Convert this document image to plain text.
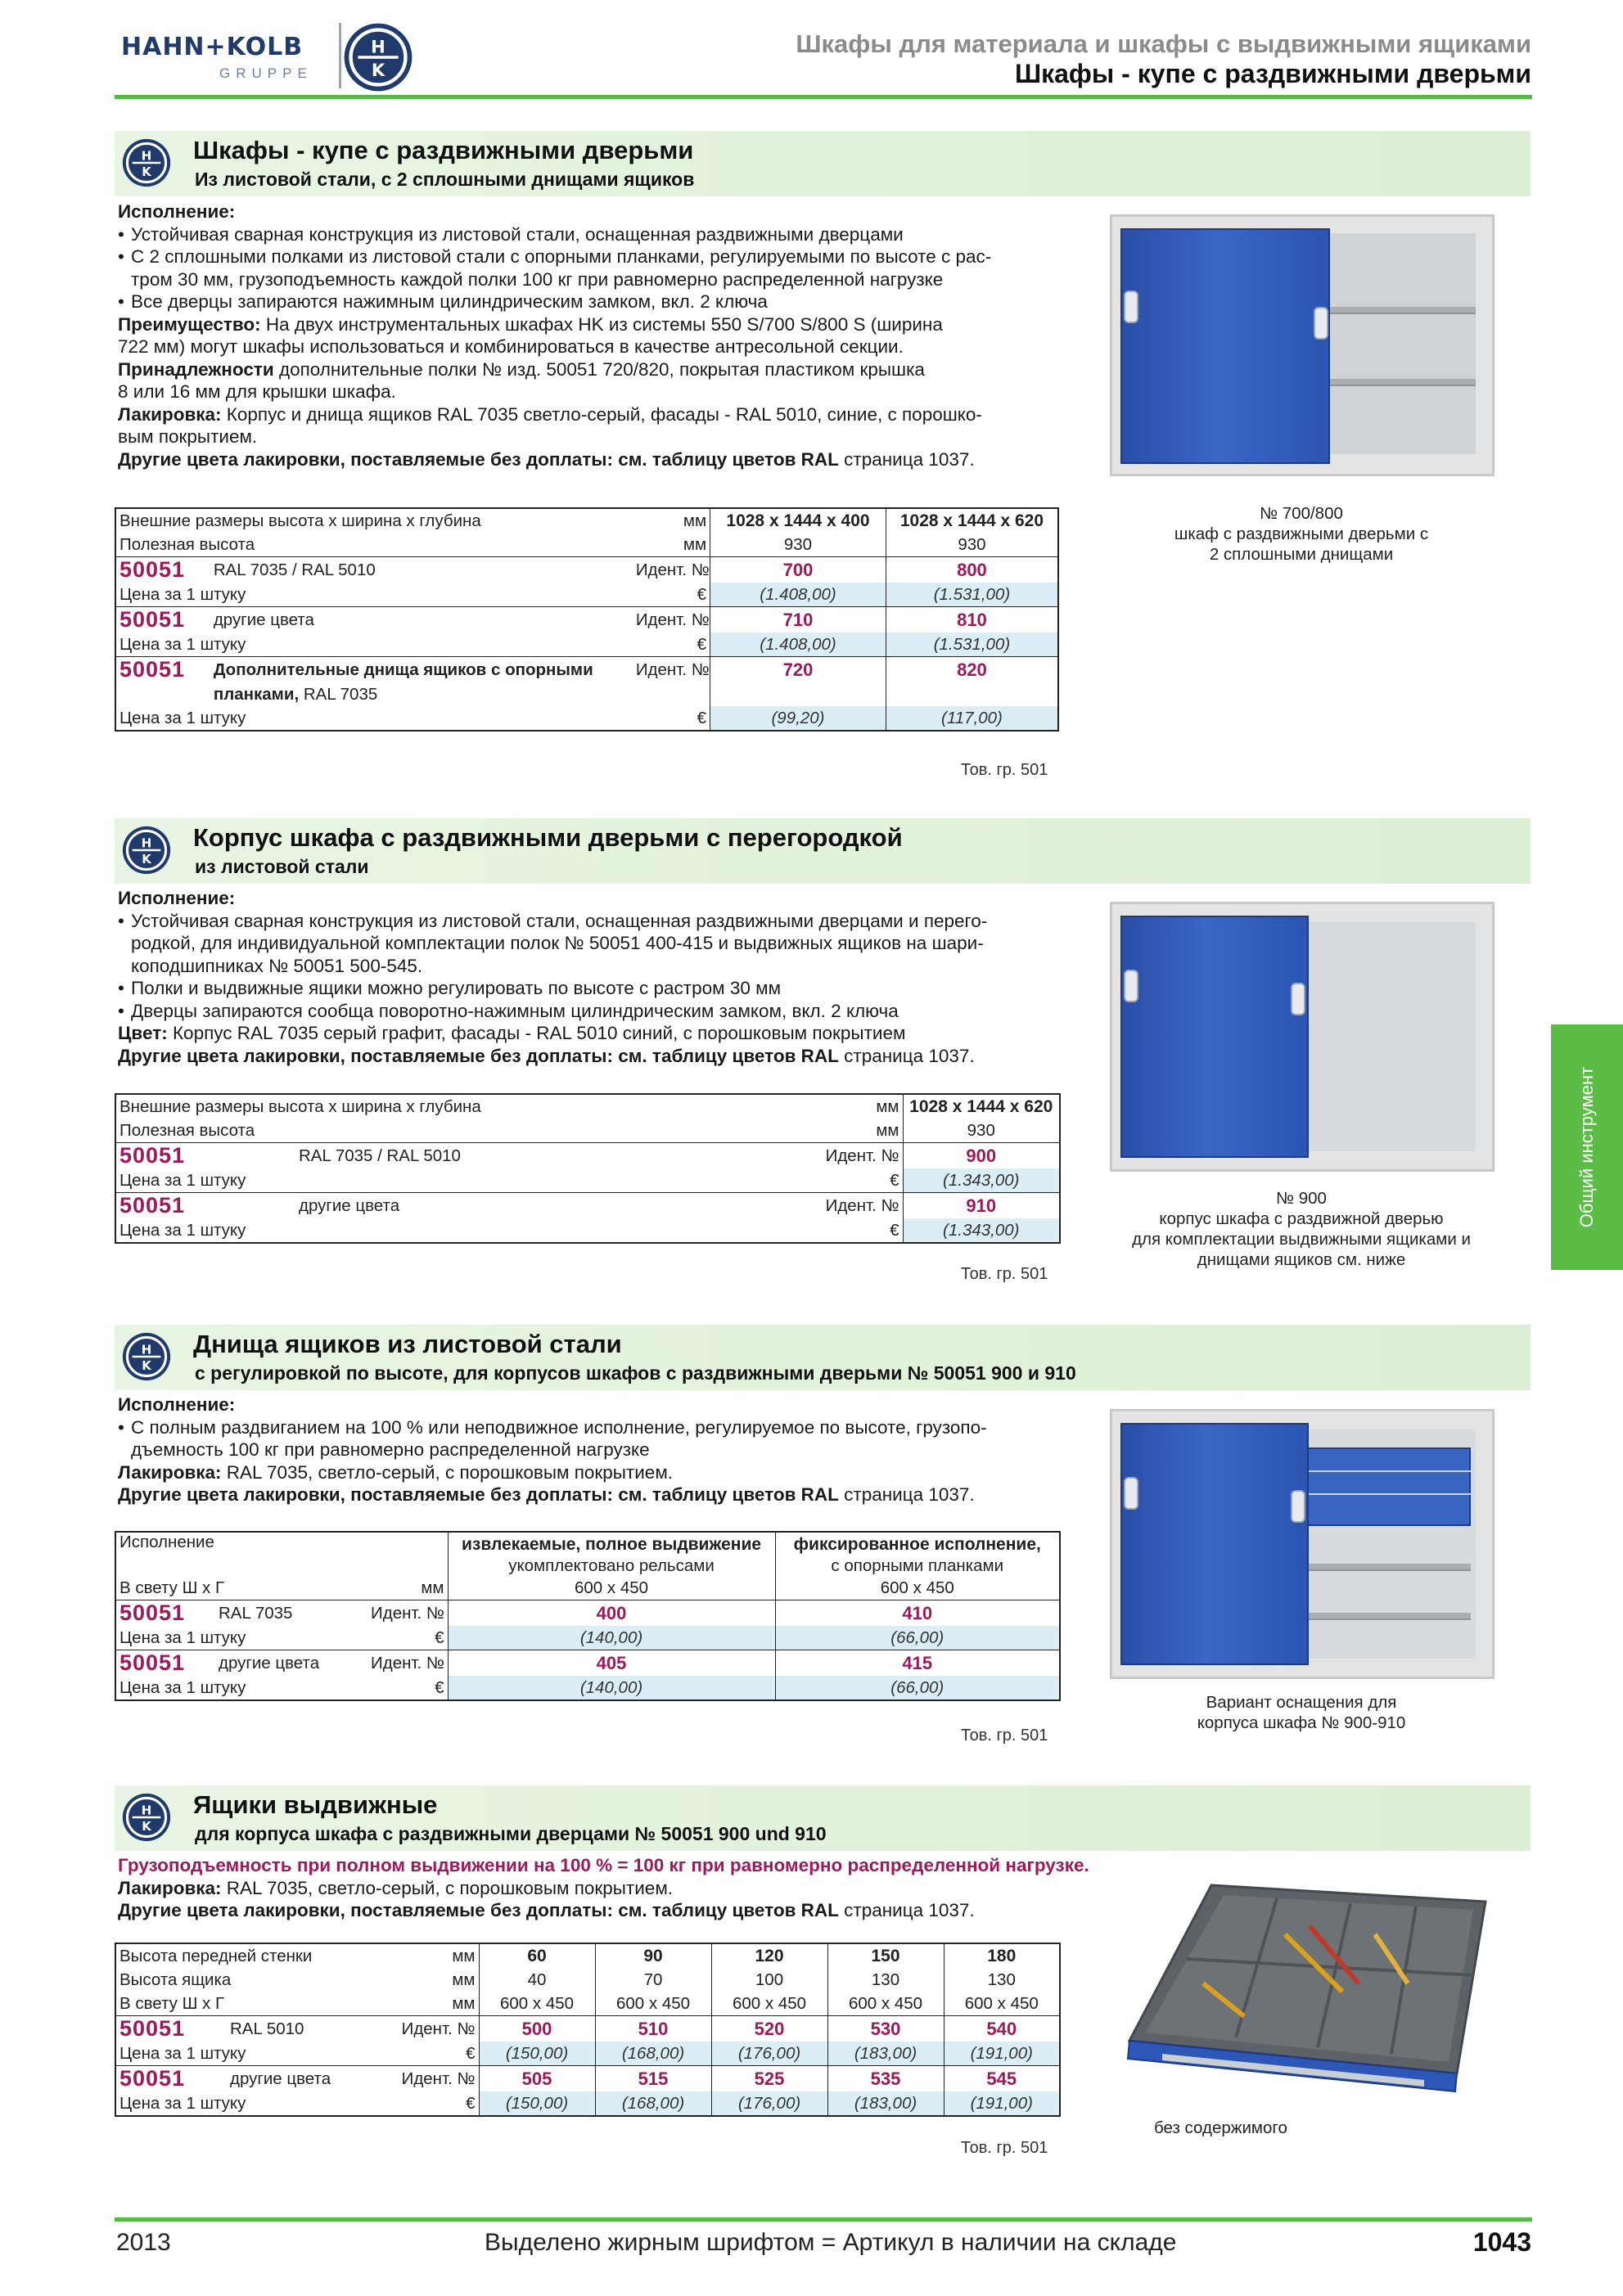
HAHN+KOLB
GRUPPE
H
K
Шкафы для материала и шкафы с выдвижными ящиками
Шкафы - купе с раздвижными дверьми
H
K
Шкафы - купе с раздвижными дверьми
Из листовой стали, с 2 сплошными днищами ящиков
Исполнение:
• Устойчивая сварная конструкция из листовой стали, оснащенная раздвижными дверцами
• С 2 сплошными полками из листовой стали с опорными планками, регулируемыми по высоте с рас-
тром 30 мм, грузоподъемность каждой полки 100 кг при равномерно распределенной нагрузке
• Все дверцы запираются нажимным цилиндрическим замком, вкл. 2 ключа
Преимущество: На двух инструментальных шкафах HK из системы 550 S/700 S/800 S (ширина
722 мм) могут шкафы использоваться и комбинироваться в качестве антресольной секции.
Принадлежности дополнительные полки № изд. 50051 720/820, покрытая пластиком крышка
8 или 16 мм для крышки шкафа.
Лакировка: Корпус и днища ящиков RAL 7035 светло-серый, фасады - RAL 5010, синие, с порошко-
вым покрытием.
Другие цвета лакировки, поставляемые без доплаты: см. таблицу цветов RAL страница 1037.
Внешние размеры высота x ширина x глубина		мм	1028 x 1444 x 400	1028 x 1444 x 620
Полезная высота		мм	930	930
50051	RAL 7035 / RAL 5010	Идент. №	700	800
Цена за 1 штуку		€	(1.408,00)	(1.531,00)
50051	другие цвета	Идент. №	710	810
Цена за 1 штуку		€	(1.408,00)	(1.531,00)
50051	Дополнительные днища ящиков с опорными	Идент. №	720	820
	планками, RAL 7035			
Цена за 1 штуку		€	(99,20)	(117,00)
Тов. гр. 501
№ 700/800
шкаф с раздвижными дверьми с
2 сплошными днищами
H
K
Корпус шкафа с раздвижными дверьми с перегородкой
из листовой стали
Исполнение:
• Устойчивая сварная конструкция из листовой стали, оснащенная раздвижными дверцами и перего-
родкой, для индивидуальной комплектации полок № 50051 400-415 и выдвижных ящиков на шари-
коподшипниках № 50051 500-545.
• Полки и выдвижные ящики можно регулировать по высоте с растром 30 мм
• Дверцы запираются сообща поворотно-нажимным цилиндрическим замком, вкл. 2 ключа
Цвет: Корпус RAL 7035 серый графит, фасады - RAL 5010 синий, с порошковым покрытием
Другие цвета лакировки, поставляемые без доплаты: см. таблицу цветов RAL страница 1037.
Внешние размеры высота x ширина x глубина		мм	1028 x 1444 x 620
Полезная высота		мм	930
50051	RAL 7035 / RAL 5010	Идент. №	900
Цена за 1 штуку		€	(1.343,00)
50051	другие цвета	Идент. №	910
Цена за 1 штуку		€	(1.343,00)
Тов. гр. 501
№ 900
корпус шкафа с раздвижной дверью
для комплектации выдвижными ящиками и
днищами ящиков см. ниже
Общий инструмент
H
K
Днища ящиков из листовой стали
с регулировкой по высоте, для корпусов шкафов с раздвижными дверьми № 50051 900 и 910
Исполнение:
• С полным раздвиганием на 100 % или неподвижное исполнение, регулируемое по высоте, грузопо-
дъемность 100 кг при равномерно распределенной нагрузке
Лакировка: RAL 7035, светло-серый, с порошковым покрытием.
Другие цвета лакировки, поставляемые без доплаты: см. таблицу цветов RAL страница 1037.
Исполнение			извлекаемые, полное выдвижение	фиксированное исполнение,
			укомплектовано рельсами	с опорными планками
В свету Ш x Г		мм	600 x 450	600 x 450
50051	RAL 7035	Идент. №	400	410
Цена за 1 штуку		€	(140,00)	(66,00)
50051	другие цвета	Идент. №	405	415
Цена за 1 штуку		€	(140,00)	(66,00)
Тов. гр. 501
Вариант оснащения для
корпуса шкафа № 900-910
H
K
Ящики выдвижные
для корпуса шкафа с раздвижными дверцами № 50051 900 und 910
Грузоподъемность при полном выдвижении на 100 % = 100 кг при равномерно распределенной нагрузке.
Лакировка: RAL 7035, светло-серый, с порошковым покрытием.
Другие цвета лакировки, поставляемые без доплаты: см. таблицу цветов RAL страница 1037.
Высота передней стенки		мм	60	90	120	150	180
Высота ящика		мм	40	70	100	130	130
В свету Ш x Г		мм	600 x 450	600 x 450	600 x 450	600 x 450	600 x 450
50051	RAL 5010	Идент. №	500	510	520	530	540
Цена за 1 штуку		€	(150,00)	(168,00)	(176,00)	(183,00)	(191,00)
50051	другие цвета	Идент. №	505	515	525	535	545
Цена за 1 штуку		€	(150,00)	(168,00)	(176,00)	(183,00)	(191,00)
Тов. гр. 501
без содержимого
2013	Выделено жирным шрифтом = Артикул в наличии на складе	1043
